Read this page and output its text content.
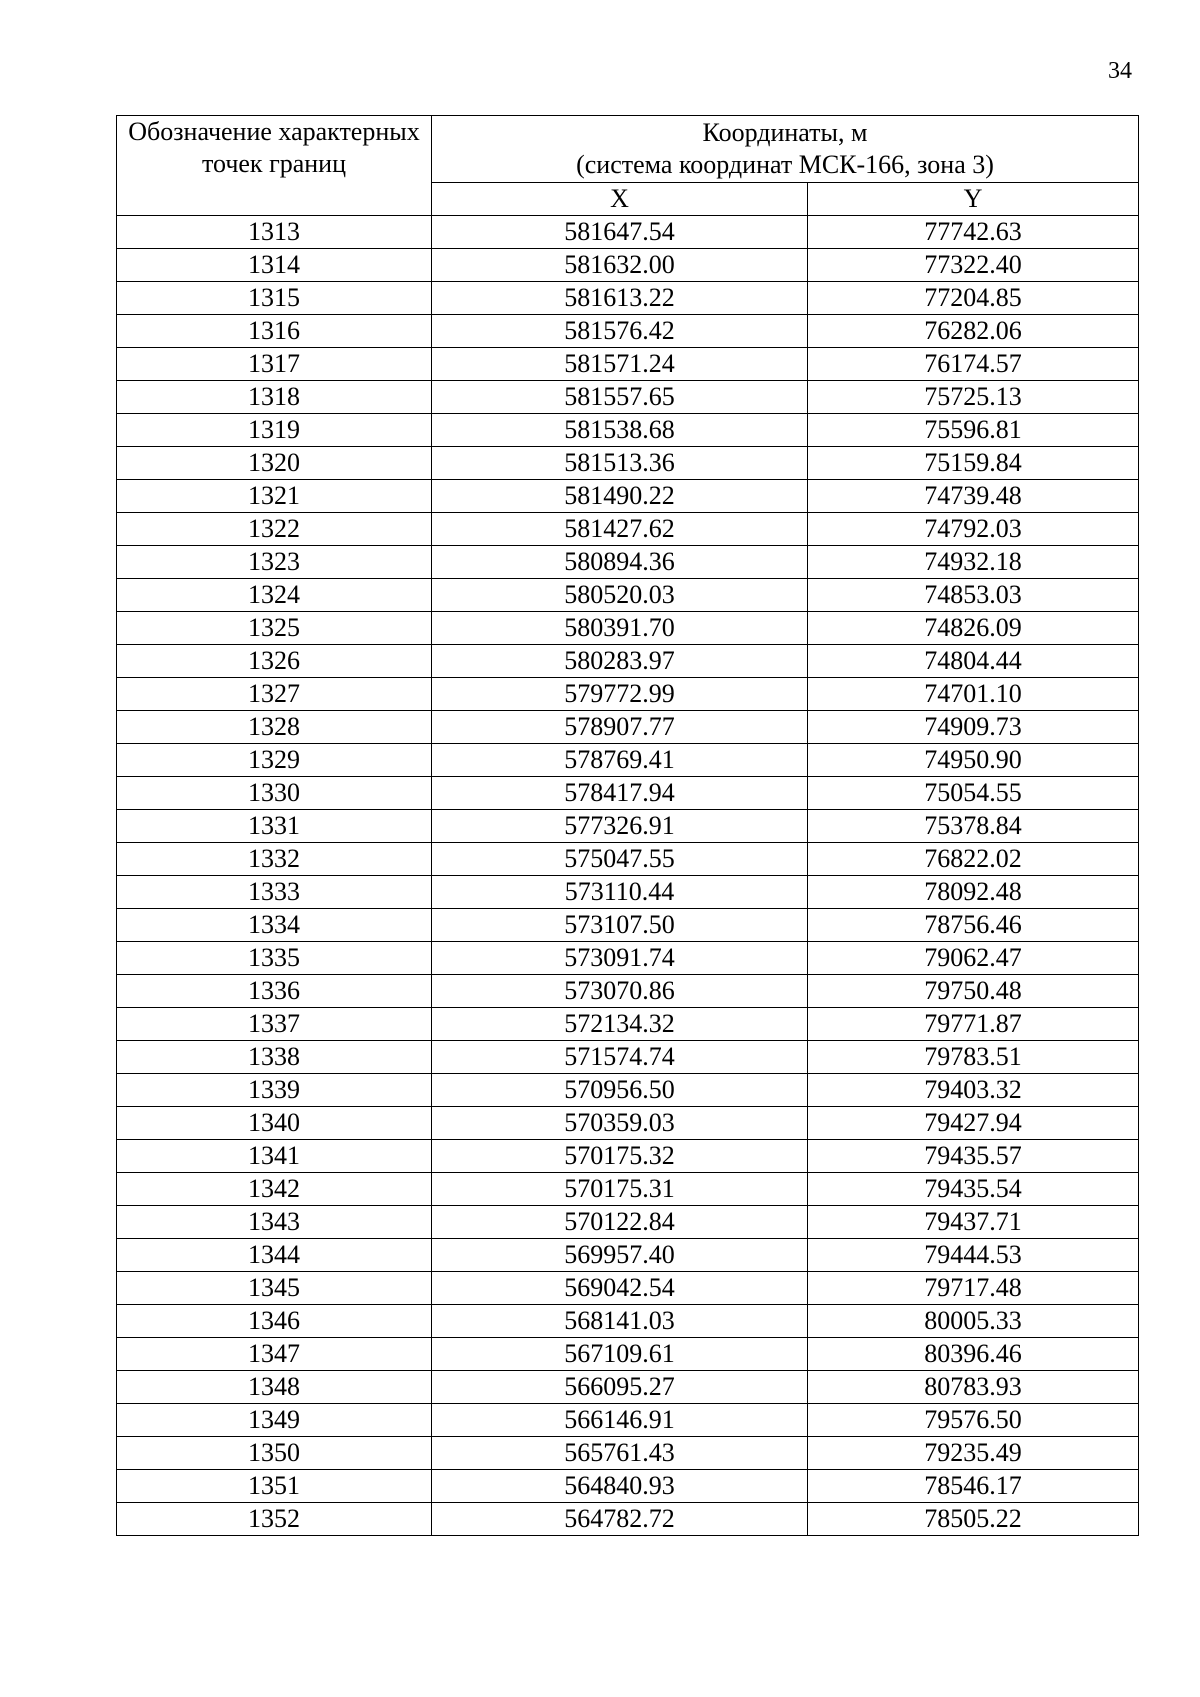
34
Обозначение характерных точек границ	Координаты, м
(система координат МСК-166, зона 3)	

	X	Y
1313	581647.54	77742.63
1314	581632.00	77322.40
1315	581613.22	77204.85
1316	581576.42	76282.06
1317	581571.24	76174.57
1318	581557.65	75725.13
1319	581538.68	75596.81
1320	581513.36	75159.84
1321	581490.22	74739.48
1322	581427.62	74792.03
1323	580894.36	74932.18
1324	580520.03	74853.03
1325	580391.70	74826.09
1326	580283.97	74804.44
1327	579772.99	74701.10
1328	578907.77	74909.73
1329	578769.41	74950.90
1330	578417.94	75054.55
1331	577326.91	75378.84
1332	575047.55	76822.02
1333	573110.44	78092.48
1334	573107.50	78756.46
1335	573091.74	79062.47
1336	573070.86	79750.48
1337	572134.32	79771.87
1338	571574.74	79783.51
1339	570956.50	79403.32
1340	570359.03	79427.94
1341	570175.32	79435.57
1342	570175.31	79435.54
1343	570122.84	79437.71
1344	569957.40	79444.53
1345	569042.54	79717.48
1346	568141.03	80005.33
1347	567109.61	80396.46
1348	566095.27	80783.93
1349	566146.91	79576.50
1350	565761.43	79235.49
1351	564840.93	78546.17
1352	564782.72	78505.22
